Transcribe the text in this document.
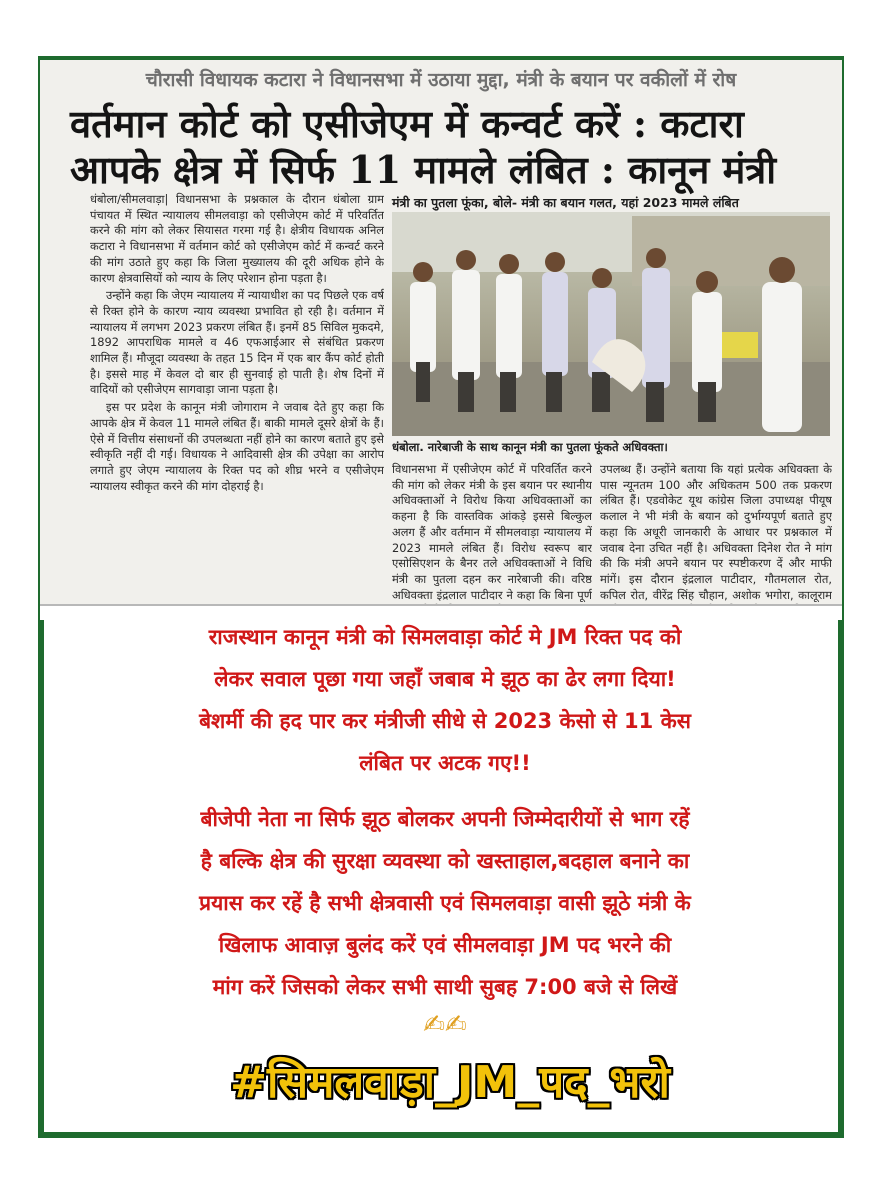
चौरासी विधायक कटारा ने विधानसभा में उठाया मुद्दा, मंत्री के बयान पर वकीलों में रोष
वर्तमान कोर्ट को एसीजेएम में कन्वर्ट करें : कटारा
आपके क्षेत्र में सिर्फ 11 मामले लंबित : कानून मंत्री

धंबोला/सीमलवाड़ा| विधानसभा के प्रश्नकाल के दौरान धंबोला ग्राम पंचायत में स्थित न्यायालय सीमलवाड़ा को एसीजेएम कोर्ट में परिवर्तित करने की मांग को लेकर सियासत गरमा गई है। क्षेत्रीय विधायक अनिल कटारा ने विधानसभा में वर्तमान कोर्ट को एसीजेएम कोर्ट में कन्वर्ट करने की मांग उठाते हुए कहा कि जिला मुख्यालय की दूरी अधिक होने के कारण क्षेत्रवासियों को न्याय के लिए परेशान होना पड़ता है।

उन्होंने कहा कि जेएम न्यायालय में न्यायाधीश का पद पिछले एक वर्ष से रिक्त होने के कारण न्याय व्यवस्था प्रभावित हो रही है। वर्तमान में न्यायालय में लगभग 2023 प्रकरण लंबित हैं। इनमें 85 सिविल मुकदमे, 1892 आपराधिक मामले व 46 एफआईआर से संबंधित प्रकरण शामिल हैं। मौजूदा व्यवस्था के तहत 15 दिन में एक बार कैंप कोर्ट होती है। इससे माह में केवल दो बार ही सुनवाई हो पाती है। शेष दिनों में वादियों को एसीजेएम सागवाड़ा जाना पड़ता है।

इस पर प्रदेश के कानून मंत्री जोगाराम ने जवाब देते हुए कहा कि आपके क्षेत्र में केवल 11 मामले लंबित हैं। बाकी मामले दूसरे क्षेत्रों के हैं। ऐसे में वित्तीय संसाधनों की उपलब्धता नहीं होने का कारण बताते हुए इसे स्वीकृति नहीं दी गई। विधायक ने आदिवासी क्षेत्र की उपेक्षा का आरोप लगाते हुए जेएम न्यायालय के रिक्त पद को शीघ्र भरने व एसीजेएम न्यायालय स्वीकृत करने की मांग दोहराई है।

मंत्री का पुतला फूंका, बोले- मंत्री का बयान गलत, यहां 2023 मामले लंबित
धंबोला. नारेबाजी के साथ कानून मंत्री का पुतला फूंकते अधिवक्ता।

विधानसभा में एसीजेएम कोर्ट में परिवर्तित करने की मांग को लेकर मंत्री के इस बयान पर स्थानीय अधिवक्ताओं ने विरोध किया अधिवक्ताओं का कहना है कि वास्तविक आंकड़े इससे बिल्कुल अलग हैं और वर्तमान में सीमलवाड़ा न्यायालय में 2023 मामले लंबित हैं। विरोध स्वरूप बार एसोसिएशन के बैनर तले अधिवक्ताओं ने विधि मंत्री का पुतला दहन कर नारेबाजी की। वरिष्ठ अधिवक्ता इंद्रलाल पाटीदार ने कहा कि बिना पूर्ण

उपलब्ध हैं। उन्होंने बताया कि यहां प्रत्येक अधिवक्ता के पास न्यूनतम 100 और अधिकतम 500 तक प्रकरण लंबित हैं। एडवोकेट यूथ कांग्रेस जिला उपाध्यक्ष पीयूष कलाल ने भी मंत्री के बयान को दुर्भाग्यपूर्ण बताते हुए कहा कि अधूरी जानकारी के आधार पर प्रश्नकाल में जवाब देना उचित नहीं है। अधिवक्ता दिनेश रोत ने मांग की कि मंत्री अपने बयान पर स्पष्टीकरण दें और माफी मांगें। इस दौरान इंद्रलाल पाटीदार, गौतमलाल रोत, कपिल रोत, वीरेंद्र सिंह चौहान, अशोक भगोरा, कालूराम

राजस्थान कानून मंत्री को सिमलवाड़ा कोर्ट मे JM रिक्त पद को
लेकर सवाल पूछा गया जहाँ जबाब मे झूठ का ढेर लगा दिया!
बेशर्मी की हद पार कर मंत्रीजी सीधे से 2023 केसो से 11 केस
लंबित पर अटक गए!!
बीजेपी नेता ना सिर्फ झूठ बोलकर अपनी जिम्मेदारीयों से भाग रहें
है बल्कि क्षेत्र की सुरक्षा व्यवस्था को खस्ताहाल,बदहाल बनाने का
प्रयास कर रहें है सभी क्षेत्रवासी एवं सिमलवाड़ा वासी झूठे मंत्री के
खिलाफ आवाज़ बुलंद करें एवं सीमलवाड़ा JM पद भरने की
मांग करें जिसको लेकर सभी साथी सुबह 7:00 बजे से लिखें
✍✍
#सिमलवाड़ा_JM_पद_भरो
